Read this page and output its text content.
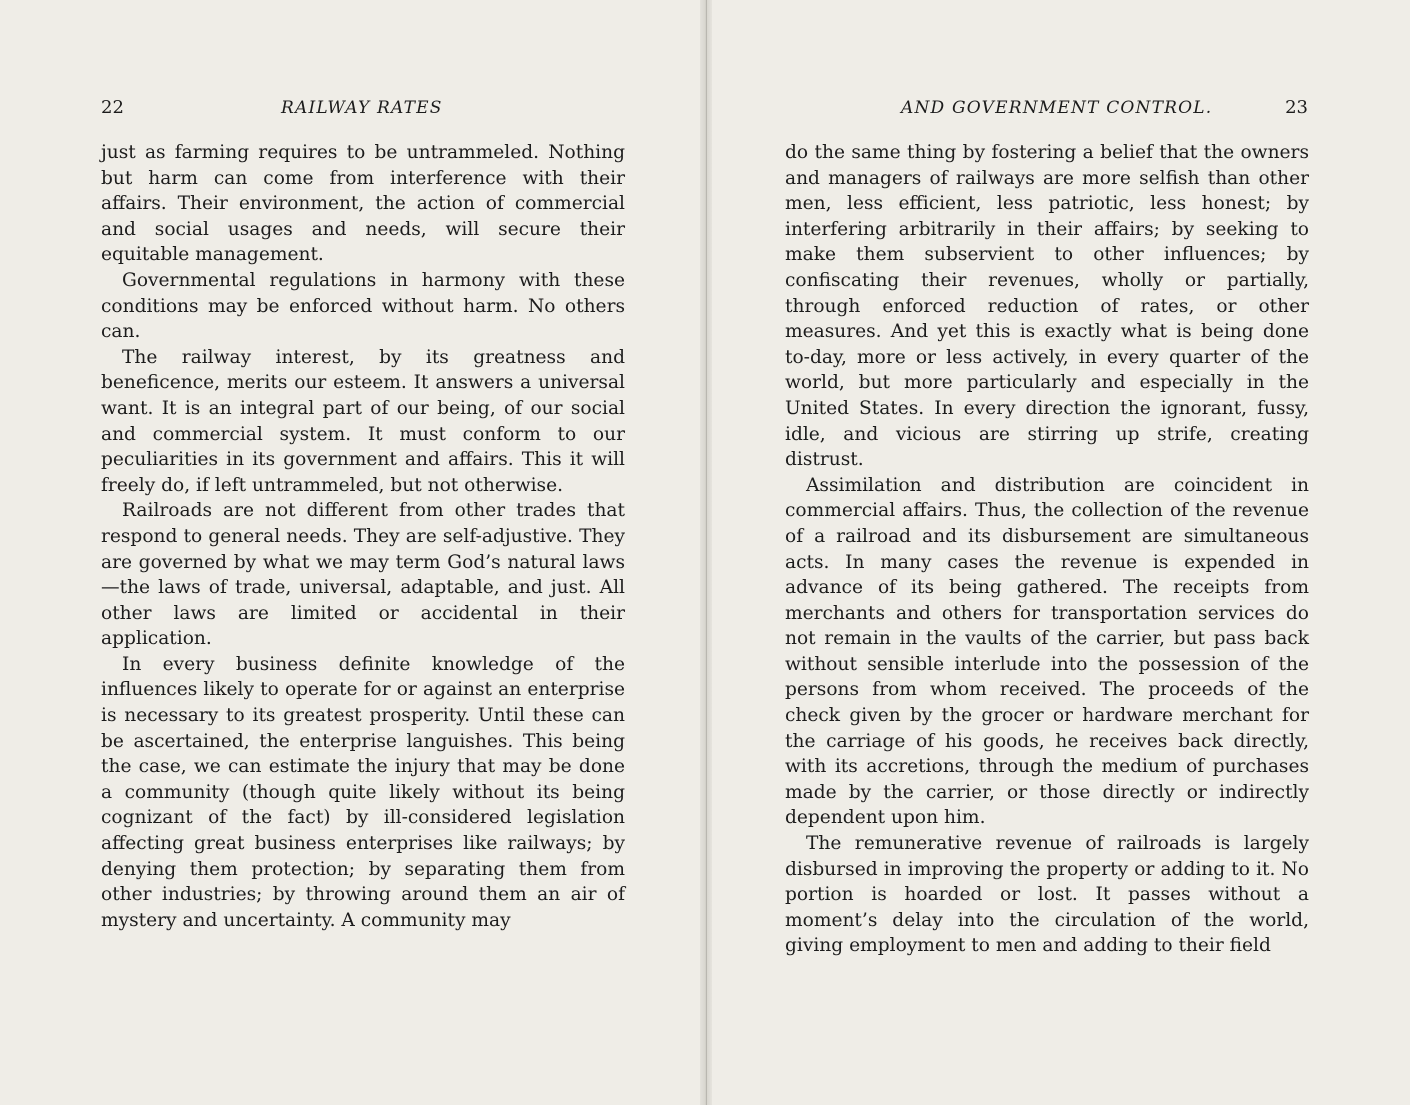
22	RAILWAY RATES

just as farming requires to be untrammeled. Nothing but harm can come from interference with their affairs. Their environment, the action of commercial and social usages and needs, will secure their equitable management.

Governmental regulations in harmony with these conditions may be enforced without harm. No others can.

The railway interest, by its greatness and beneficence, merits our esteem. It answers a universal want. It is an integral part of our being, of our social and commercial system. It must conform to our peculiarities in its government and affairs. This it will freely do, if left untrammeled, but not otherwise.

Railroads are not different from other trades that respond to general needs. They are self-adjustive. They are governed by what we may term God’s natural laws—the laws of trade, universal, adaptable, and just. All other laws are limited or accidental in their application.

In every business definite knowledge of the influences likely to operate for or against an enterprise is necessary to its greatest prosperity. Until these can be ascertained, the enterprise languishes. This being the case, we can estimate the injury that may be done a community (though quite likely without its being cognizant of the fact) by ill-considered legislation affecting great business enterprises like railways; by denying them protection; by separating them from other industries; by throwing around them an air of mystery and uncertainty. A community may

AND GOVERNMENT CONTROL.	23

do the same thing by fostering a belief that the owners and managers of railways are more selfish than other men, less efficient, less patriotic, less honest; by interfering arbitrarily in their affairs; by seeking to make them subservient to other influences; by confiscating their revenues, wholly or partially, through enforced reduction of rates, or other measures. And yet this is exactly what is being done to-day, more or less actively, in every quarter of the world, but more particularly and especially in the United States. In every direction the ignorant, fussy, idle, and vicious are stirring up strife, creating distrust.

Assimilation and distribution are coincident in commercial affairs. Thus, the collection of the revenue of a railroad and its disbursement are simultaneous acts. In many cases the revenue is expended in advance of its being gathered. The receipts from merchants and others for transportation services do not remain in the vaults of the carrier, but pass back without sensible interlude into the possession of the persons from whom received. The proceeds of the check given by the grocer or hardware merchant for the carriage of his goods, he receives back directly, with its accretions, through the medium of purchases made by the carrier, or those directly or indirectly dependent upon him.

The remunerative revenue of railroads is largely disbursed in improving the property or adding to it. No portion is hoarded or lost. It passes without a moment’s delay into the circulation of the world, giving employment to men and adding to their field
